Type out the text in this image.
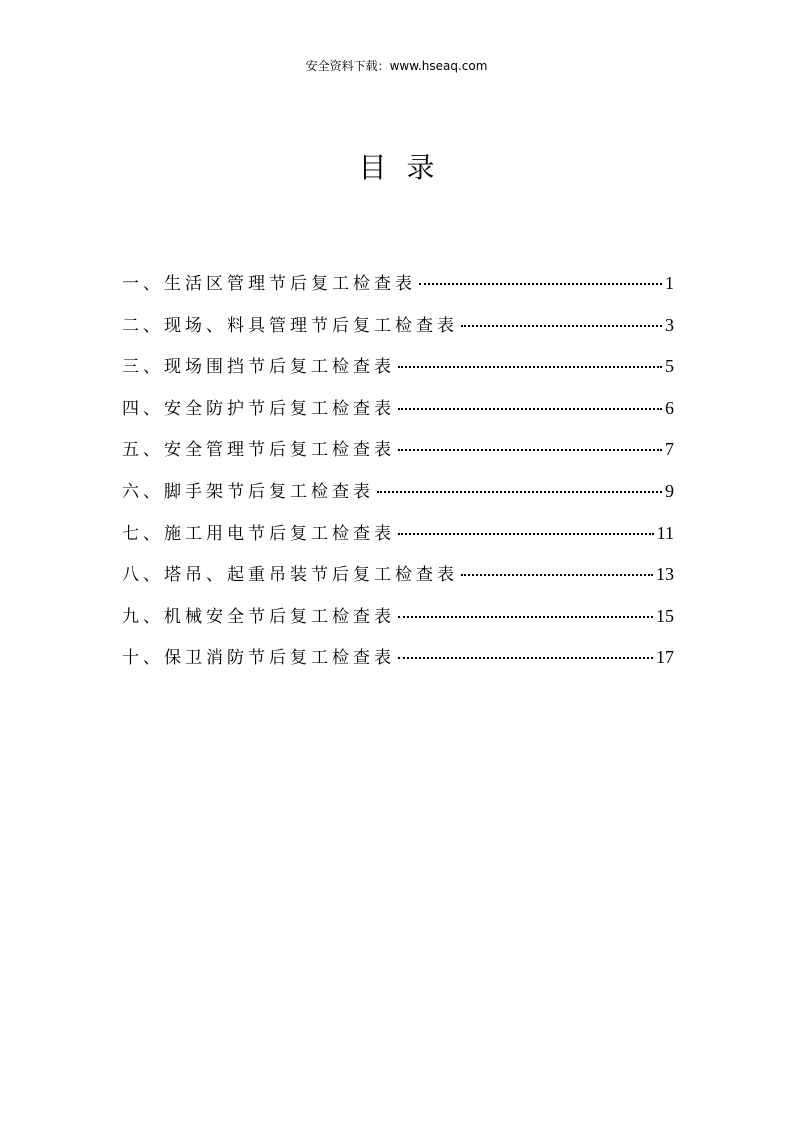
安全资料下载：www.hseaq.com
目录
一、生活区管理节后复工检查表	1
二、现场、料具管理节后复工检查表	3
三、现场围挡节后复工检查表	5
四、安全防护节后复工检查表	6
五、安全管理节后复工检查表	7
六、脚手架节后复工检查表	9
七、施工用电节后复工检查表	11
八、塔吊、起重吊装节后复工检查表	13
九、机械安全节后复工检查表	15
十、保卫消防节后复工检查表	17
